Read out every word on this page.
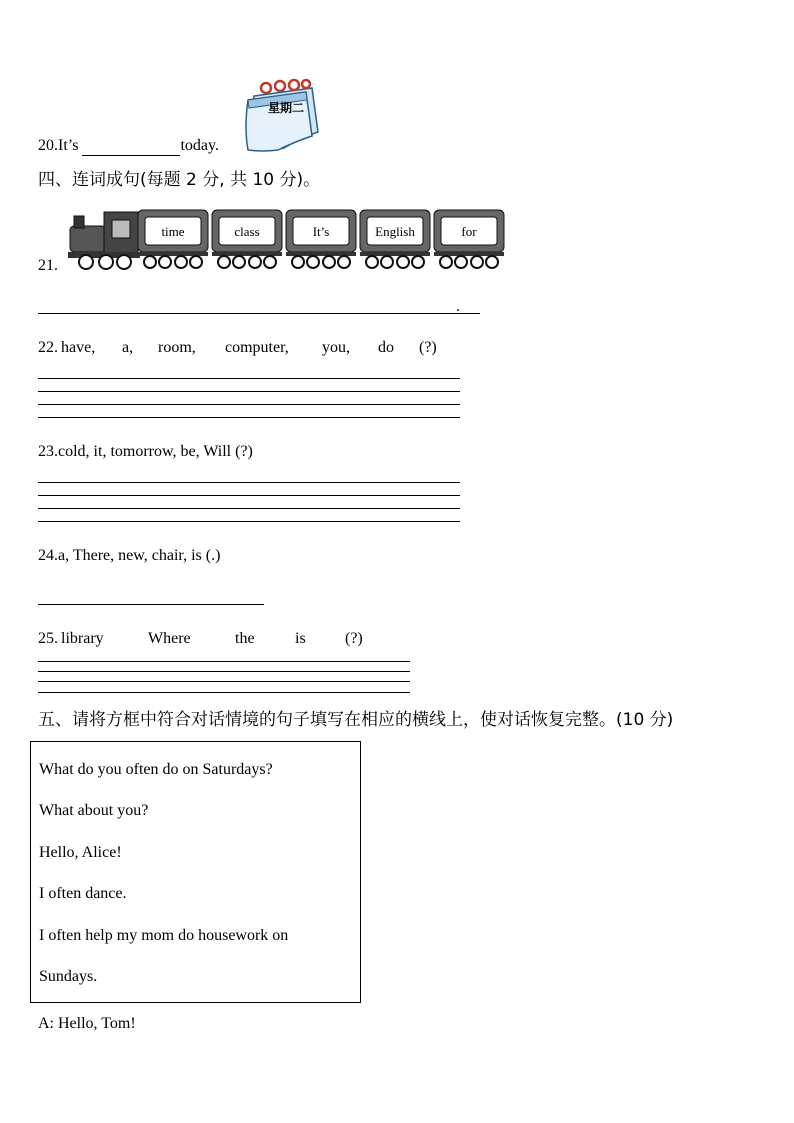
20.It’s	today.
星期二
四、连词成句(每题 2 分, 共 10 分)。
21.
time	class	It’s	English	for
.
22. have, a, room, computer, you, do (?)
23.cold, it, tomorrow, be, Will (?)
24.a, There, new, chair, is (.)
25. library	Where	the	is (?)
五、请将方框中符合对话情境的句子填写在相应的横线上，使对话恢复完整。(10 分)
What do you often do on Saturdays?
What about you?
Hello, Alice!
I often dance.
I often help my mom do housework on
Sundays.
A: Hello, Tom!
